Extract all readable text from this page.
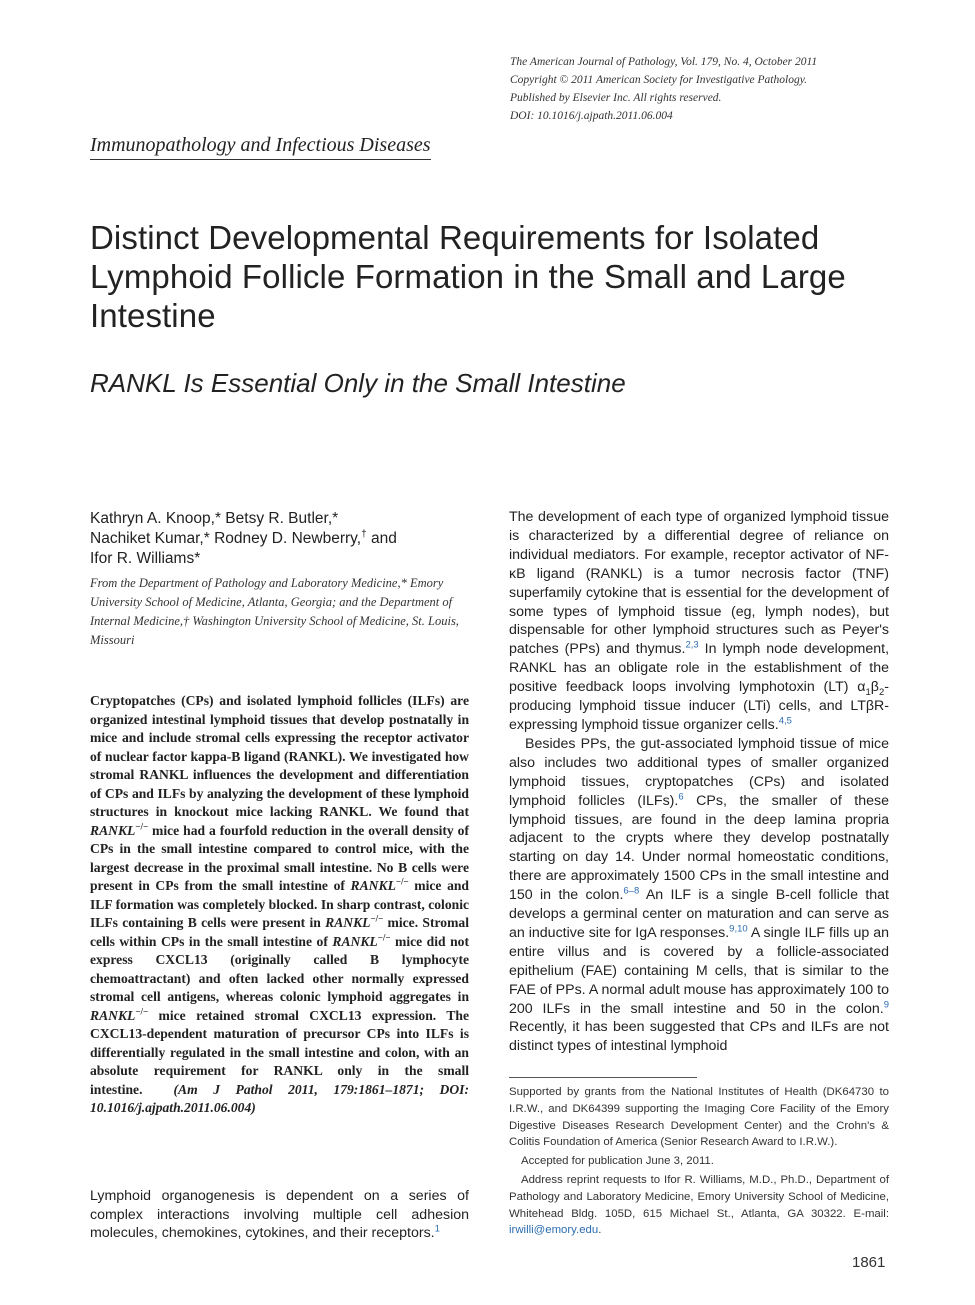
The American Journal of Pathology, Vol. 179, No. 4, October 2011
Copyright © 2011 American Society for Investigative Pathology.
Published by Elsevier Inc. All rights reserved.
DOI: 10.1016/j.ajpath.2011.06.004
Immunopathology and Infectious Diseases
Distinct Developmental Requirements for Isolated Lymphoid Follicle Formation in the Small and Large Intestine
RANKL Is Essential Only in the Small Intestine
Kathryn A. Knoop,* Betsy R. Butler,*
Nachiket Kumar,* Rodney D. Newberry,† and
Ifor R. Williams*
From the Department of Pathology and Laboratory Medicine,* Emory University School of Medicine, Atlanta, Georgia; and the Department of Internal Medicine,† Washington University School of Medicine, St. Louis, Missouri
Cryptopatches (CPs) and isolated lymphoid follicles (ILFs) are organized intestinal lymphoid tissues that develop postnatally in mice and include stromal cells expressing the receptor activator of nuclear factor kappa-B ligand (RANKL). We investigated how stromal RANKL influences the development and differentiation of CPs and ILFs by analyzing the development of these lymphoid structures in knockout mice lacking RANKL. We found that RANKL−/− mice had a fourfold reduction in the overall density of CPs in the small intestine compared to control mice, with the largest decrease in the proximal small intestine. No B cells were present in CPs from the small intestine of RANKL−/− mice and ILF formation was completely blocked. In sharp contrast, colonic ILFs containing B cells were present in RANKL−/− mice. Stromal cells within CPs in the small intestine of RANKL−/− mice did not express CXCL13 (originally called B lymphocyte chemoattractant) and often lacked other normally expressed stromal cell antigens, whereas colonic lymphoid aggregates in RANKL−/− mice retained stromal CXCL13 expression. The CXCL13-dependent maturation of precursor CPs into ILFs is differentially regulated in the small intestine and colon, with an absolute requirement for RANKL only in the small intestine. (Am J Pathol 2011, 179:1861–1871; DOI: 10.1016/j.ajpath.2011.06.004)
Lymphoid organogenesis is dependent on a series of complex interactions involving multiple cell adhesion molecules, chemokines, cytokines, and their receptors.$^1$

The development of each type of organized lymphoid tissue is characterized by a differential degree of reliance on individual mediators. For example, receptor activator of NF-κB ligand (RANKL) is a tumor necrosis factor (TNF) superfamily cytokine that is essential for the development of some types of lymphoid tissue (eg, lymph nodes), but dispensable for other lymphoid structures such as Peyer's patches (PPs) and thymus.$^{2,3}$ In lymph node development, RANKL has an obligate role in the establishment of the positive feedback loops involving lymphotoxin (LT) $\alpha_1\beta_2$-producing lymphoid tissue inducer (LTi) cells, and LTβR-expressing lymphoid tissue organizer cells.$^{4,5}$

Besides PPs, the gut-associated lymphoid tissue of mice also includes two additional types of smaller organized lymphoid tissues, cryptopatches (CPs) and isolated lymphoid follicles (ILFs).$^6$ CPs, the smaller of these lymphoid tissues, are found in the deep lamina propria adjacent to the crypts where they develop postnatally starting on day 14. Under normal homeostatic conditions, there are approximately 1500 CPs in the small intestine and 150 in the colon.$^{6-8}$ An ILF is a single B-cell follicle that develops a germinal center on maturation and can serve as an inductive site for IgA responses.$^{9,10}$ A single ILF fills up an entire villus and is covered by a follicle-associated epithelium (FAE) containing M cells, that is similar to the FAE of PPs. A normal adult mouse has approximately 100 to 200 ILFs in the small intestine and 50 in the colon.$^9$ Recently, it has been suggested that CPs and ILFs are not distinct types of intestinal lymphoid

Supported by grants from the National Institutes of Health (DK64730 to I.R.W., and DK64399 supporting the Imaging Core Facility of the Emory Digestive Diseases Research Development Center) and the Crohn's & Colitis Foundation of America (Senior Research Award to I.R.W.).

Accepted for publication June 3, 2011.

Address reprint requests to Ifor R. Williams, M.D., Ph.D., Department of Pathology and Laboratory Medicine, Emory University School of Medicine, Whitehead Bldg. 105D, 615 Michael St., Atlanta, GA 30322. E-mail: irwilli@emory.edu.

1861
